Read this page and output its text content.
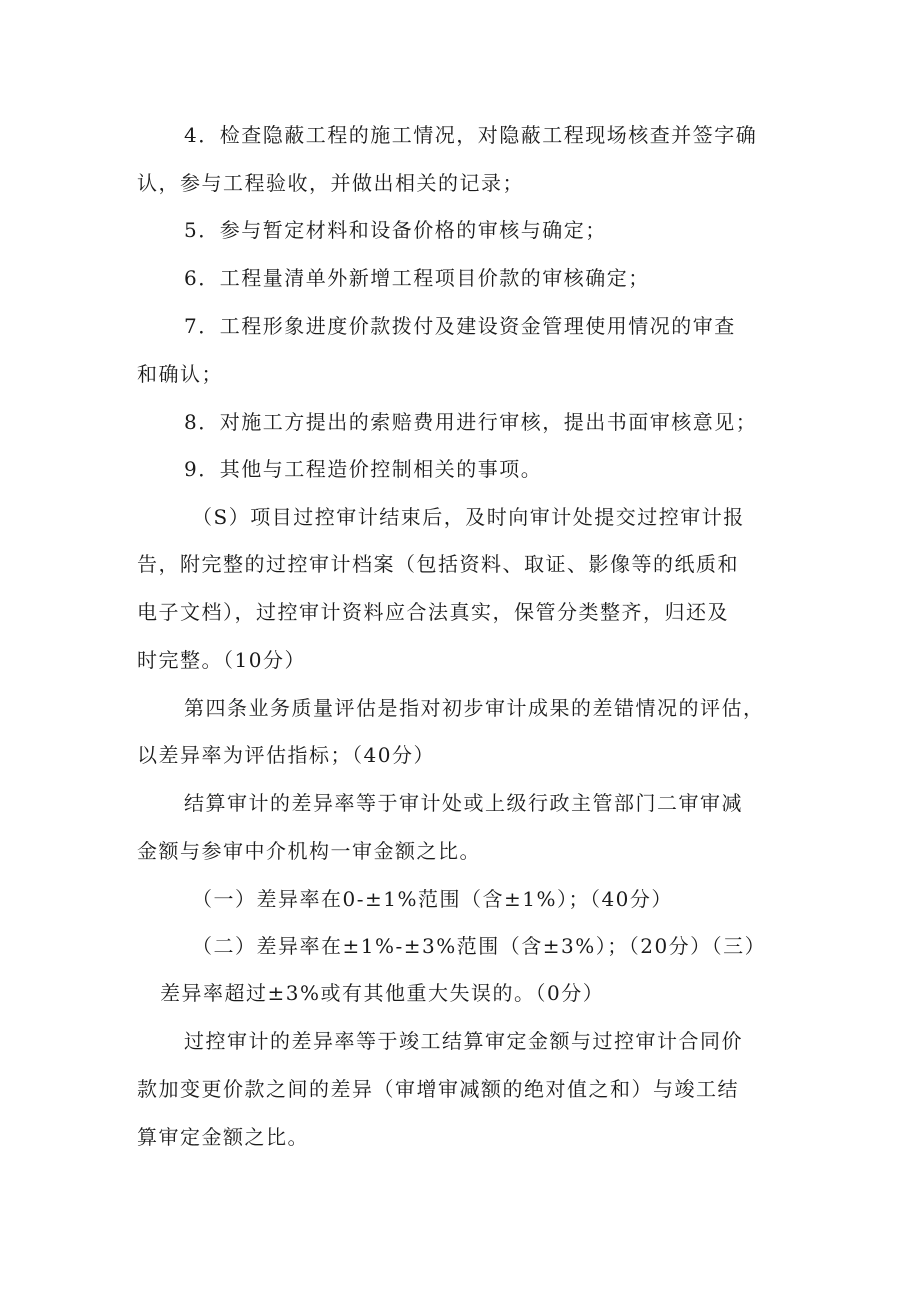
4．检查隐蔽工程的施工情况，对隐蔽工程现场核查并签字确
认，参与工程验收，并做出相关的记录；
5．参与暂定材料和设备价格的审核与确定；
6．工程量清单外新增工程项目价款的审核确定；
7．工程形象进度价款拨付及建设资金管理使用情况的审查
和确认；
8．对施工方提出的索赔费用进行审核，提出书面审核意见；
9．其他与工程造价控制相关的事项。
（S）项目过控审计结束后，及时向审计处提交过控审计报
告，附完整的过控审计档案（包括资料、取证、影像等的纸质和
电子文档），过控审计资料应合法真实，保管分类整齐，归还及
时完整。（10分）
第四条业务质量评估是指对初步审计成果的差错情况的评估，
以差异率为评估指标；（40分）
结算审计的差异率等于审计处或上级行政主管部门二审审减
金额与参审中介机构一审金额之比。
（一）差异率在0-±1%范围（含±1%）；（40分）
（二）差异率在±1%-±3%范围（含±3%）；（20分）（三）
差异率超过±3%或有其他重大失误的。（0分）
过控审计的差异率等于竣工结算审定金额与过控审计合同价
款加变更价款之间的差异（审增审减额的绝对值之和）与竣工结
算审定金额之比。
